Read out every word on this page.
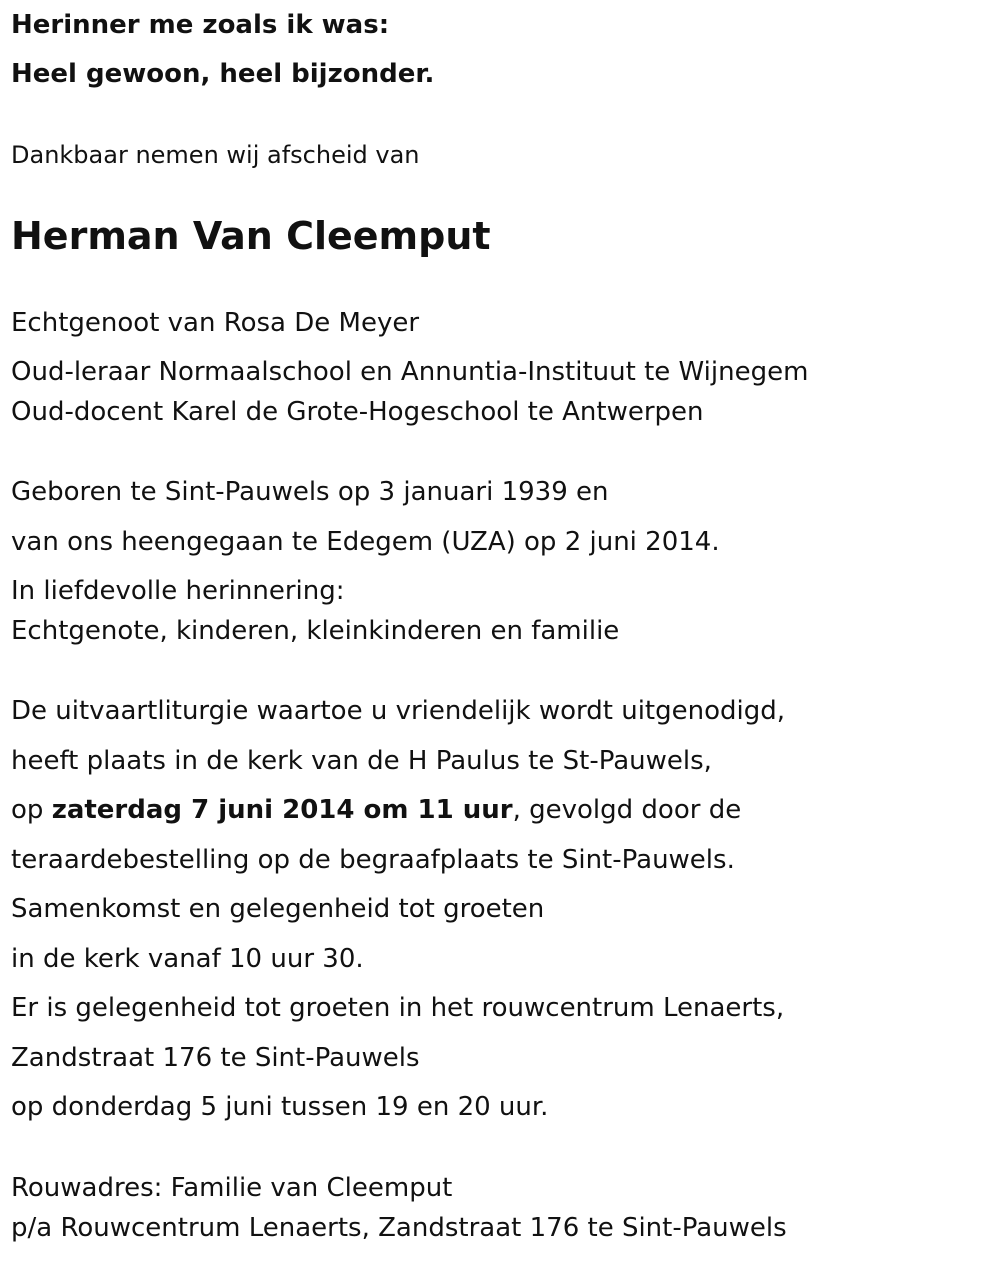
Herinner me zoals ik was:

Heel gewoon, heel bijzonder.

Dankbaar nemen wij afscheid van

Herman Van Cleemput

Echtgenoot van Rosa De Meyer

Oud-leraar Normaalschool en Annuntia-Instituut te Wijnegem

Oud-docent Karel de Grote-Hogeschool te Antwerpen

Geboren te Sint-Pauwels op 3 januari 1939 en

van ons heengegaan te Edegem (UZA) op 2 juni 2014.

In liefdevolle herinnering:

Echtgenote, kinderen, kleinkinderen en familie

De uitvaartliturgie waartoe u vriendelijk wordt uitgenodigd,

heeft plaats in de kerk van de H Paulus te St-Pauwels,

op zaterdag 7 juni 2014 om 11 uur, gevolgd door de

teraardebestelling op de begraafplaats te Sint-Pauwels.

Samenkomst en gelegenheid tot groeten

in de kerk vanaf 10 uur 30.

Er is gelegenheid tot groeten in het rouwcentrum Lenaerts,

Zandstraat 176 te Sint-Pauwels

op donderdag 5 juni tussen 19 en 20 uur.

Rouwadres: Familie van Cleemput

p/a Rouwcentrum Lenaerts, Zandstraat 176 te Sint-Pauwels
